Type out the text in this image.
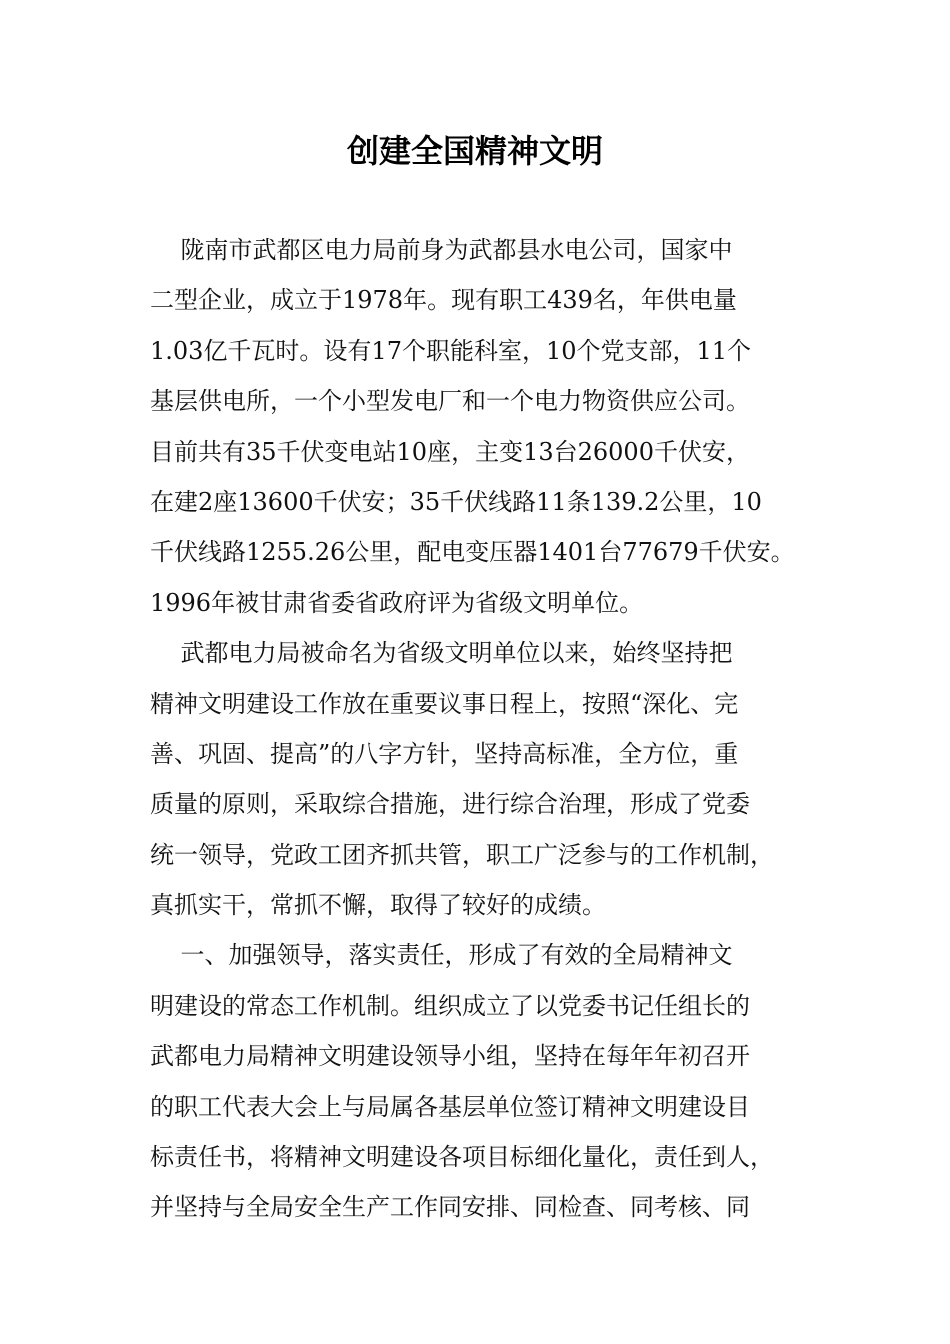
创建全国精神文明
陇南市武都区电力局前身为武都县水电公司，国家中
二型企业，成立于1978年。现有职工439名，年供电量
1.03亿千瓦时。设有17个职能科室，10个党支部，11个
基层供电所，一个小型发电厂和一个电力物资供应公司。
目前共有35千伏变电站10座，主变13台26000千伏安，
在建2座13600千伏安；35千伏线路11条139.2公里，10
千伏线路1255.26公里，配电变压器1401台77679千伏安。
1996年被甘肃省委省政府评为省级文明单位。
武都电力局被命名为省级文明单位以来，始终坚持把
精神文明建设工作放在重要议事日程上，按照“深化、完
善、巩固、提高”的八字方针，坚持高标准，全方位，重
质量的原则，采取综合措施，进行综合治理，形成了党委
统一领导，党政工团齐抓共管，职工广泛参与的工作机制，
真抓实干，常抓不懈，取得了较好的成绩。
一、加强领导，落实责任，形成了有效的全局精神文
明建设的常态工作机制。组织成立了以党委书记任组长的
武都电力局精神文明建设领导小组，坚持在每年年初召开
的职工代表大会上与局属各基层单位签订精神文明建设目
标责任书，将精神文明建设各项目标细化量化，责任到人，
并坚持与全局安全生产工作同安排、同检查、同考核、同
